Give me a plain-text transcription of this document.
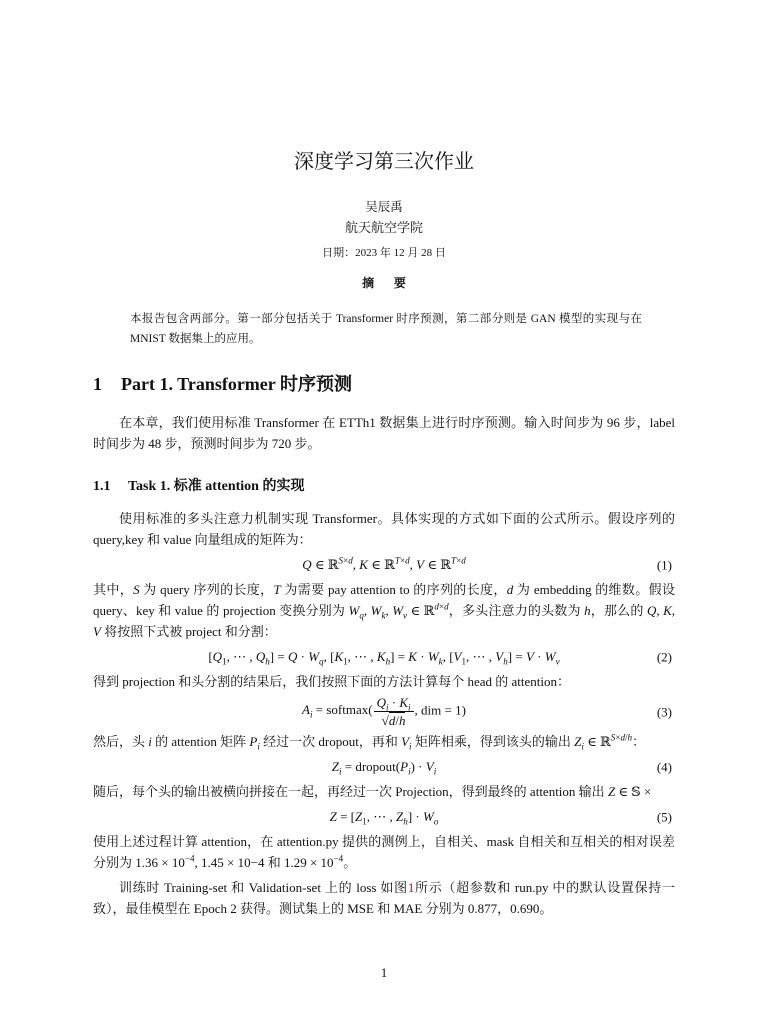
深度学习第三次作业
吴辰禹
航天航空学院
日期：2023 年 12 月 28 日
摘 要

本报告包含两部分。第一部分包括关于 Transformer 时序预测，第二部分则是 GAN 模型的实现与在 MNIST 数据集上的应用。

1	Part 1. Transformer 时序预测

在本章，我们使用标准 Transformer 在 ETTh1 数据集上进行时序预测。输入时间步为 96 步，label 时间步为 48 步，预测时间步为 720 步。

1.1	Task 1. 标准 attention 的实现

使用标准的多头注意力机制实现 Transformer。具体实现的方式如下面的公式所示。假设序列的 query,key 和 value 向量组成的矩阵为：

Q ∈ ℝ$^{S\times d}$, K ∈ ℝ$^{T\times d}$, V ∈ ℝ$^{T\times d}$	(1)

其中，S 为 query 序列的长度，T 为需要 pay attention to 的序列的长度，d 为 embedding 的维数。假设 query、key 和 value 的 projection 变换分别为 $W_q$, $W_k$, $W_v$ ∈ ℝ$^{d\times d}$，多头注意力的头数为 h，那么的 Q, K, V 将按照下式被 project 和分割：

[$Q_1$, ⋯ , $Q_h] = Q \cdot W_q$, [$K_1$, ⋯ , $K_h] = K \cdot W_k$, [$V_1$, ⋯ , $V_h] = V \cdot W_v$	(2)

得到 projection 和头分割的结果后，我们按照下面的方法计算每个 head 的 attention：

$A_i$ = softmax( $\frac{Q_i \cdot K_i}{√d/h}$ , dim = 1)	(3)

然后，头 i 的 attention 矩阵 $P_i$ 经过一次 dropout，再和 $V_i$ 矩阵相乘，得到该头的输出 $Z_i$ ∈ ℝ$^{S\times d/h}$：

$Z_i$ = $dropout(P_i) \cdot V_i$	(4)

随后，每个头的输出被横向拼接在一起，再经过一次 Projection，得到最终的 attention 输出 Z ∈ 𝕊 ×

$Z = [Z_1$, ⋯ , $Z_h] \cdot W_o$	(5)

使用上述过程计算 attention，在 attention.py 提供的测例上，自相关、mask 自相关和互相关的相对误差分别为 $1.36 \times 10^{-4}$, 1.45 × 10−4 和 $1.29 \times 10^{-4}$。

训练时 Training-set 和 Validation-set 上的 loss 如图1所示（超参数和 run.py 中的默认设置保持一致），最佳模型在 Epoch 2 获得。测试集上的 MSE 和 MAE 分别为 0.877，0.690。

1
